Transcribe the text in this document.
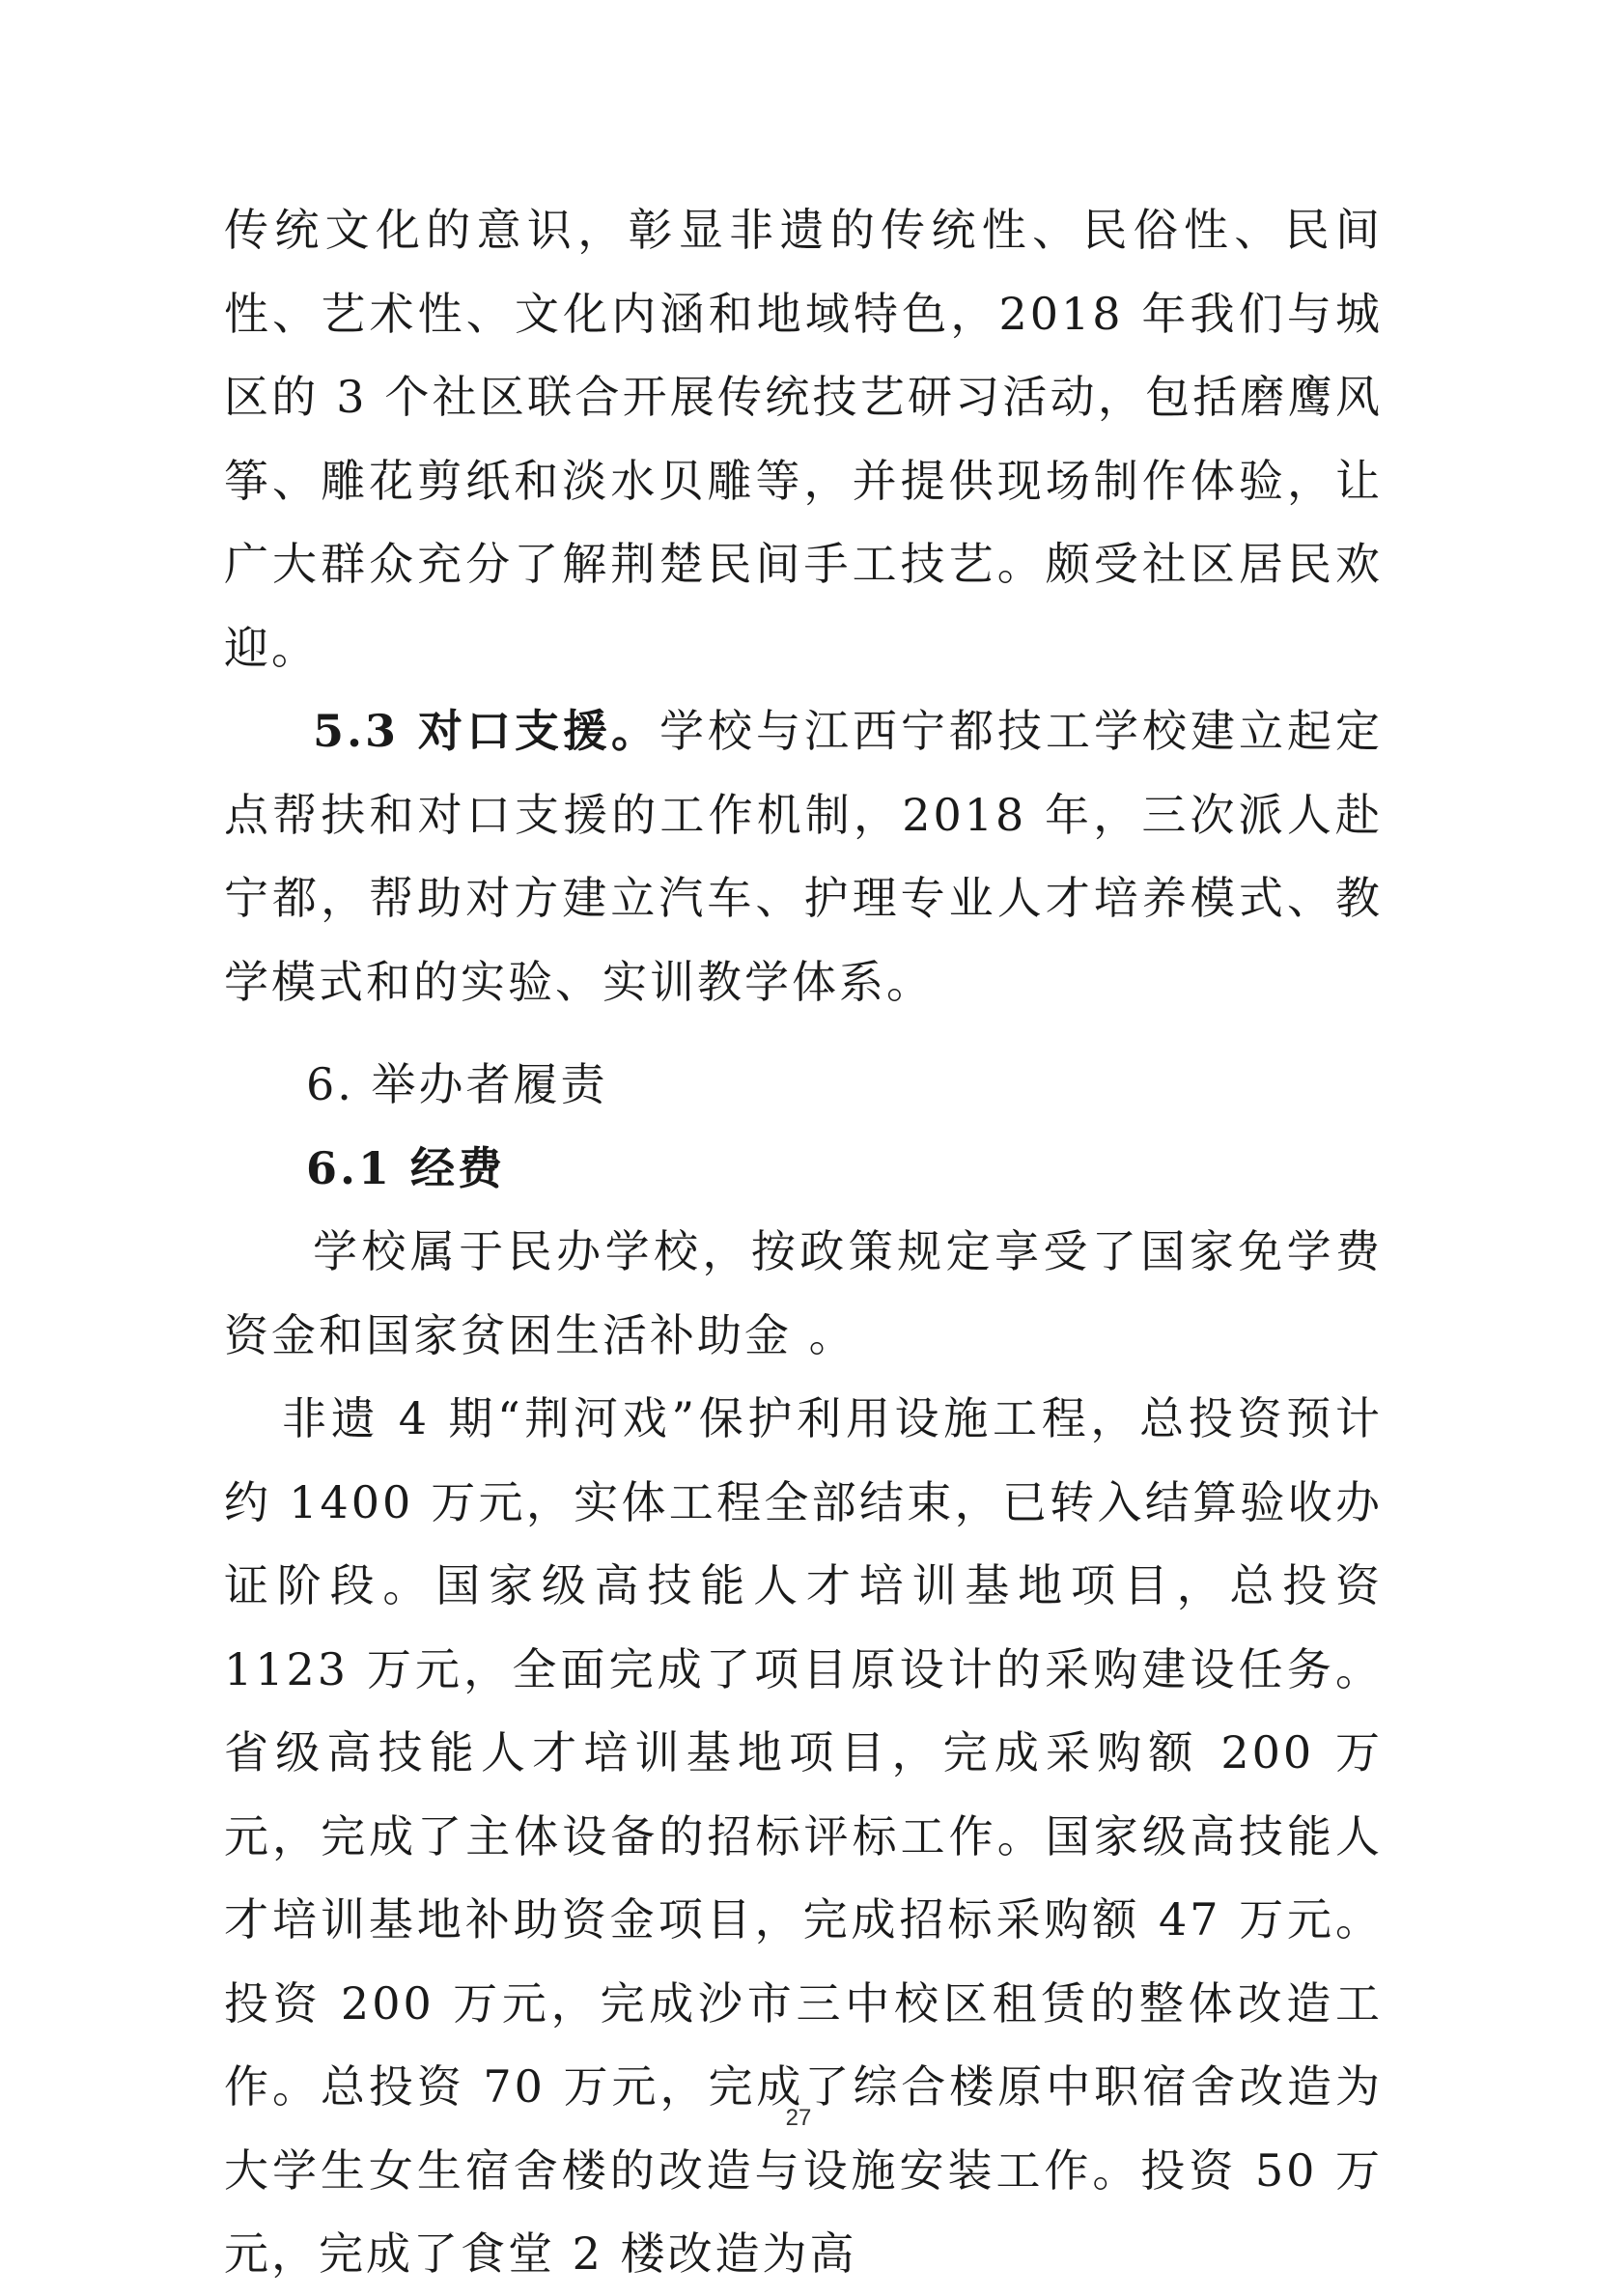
传统文化的意识，彰显非遗的传统性、民俗性、民间性、艺术性、文化内涵和地域特色，2018 年我们与城区的 3 个社区联合开展传统技艺研习活动，包括磨鹰风筝、雕花剪纸和淡水贝雕等，并提供现场制作体验，让广大群众充分了解荆楚民间手工技艺。颇受社区居民欢迎。

5.3 对口支援。学校与江西宁都技工学校建立起定点帮扶和对口支援的工作机制，2018 年，三次派人赴宁都，帮助对方建立汽车、护理专业人才培养模式、教学模式和的实验、实训教学体系。

6. 举办者履责

6.1 经费

学校属于民办学校，按政策规定享受了国家免学费资金和国家贫困生活补助金 。

非遗 4 期“荆河戏”保护利用设施工程，总投资预计约 1400 万元，实体工程全部结束，已转入结算验收办证阶段。国家级高技能人才培训基地项目，总投资 1123 万元，全面完成了项目原设计的采购建设任务。省级高技能人才培训基地项目，完成采购额 200 万元，完成了主体设备的招标评标工作。国家级高技能人才培训基地补助资金项目，完成招标采购额 47 万元。投资 200 万元，完成沙市三中校区租赁的整体改造工作。总投资 70 万元，完成了综合楼原中职宿舍改造为大学生女生宿舍楼的改造与设施安装工作。投资 50 万元，完成了食堂 2 楼改造为高

27
